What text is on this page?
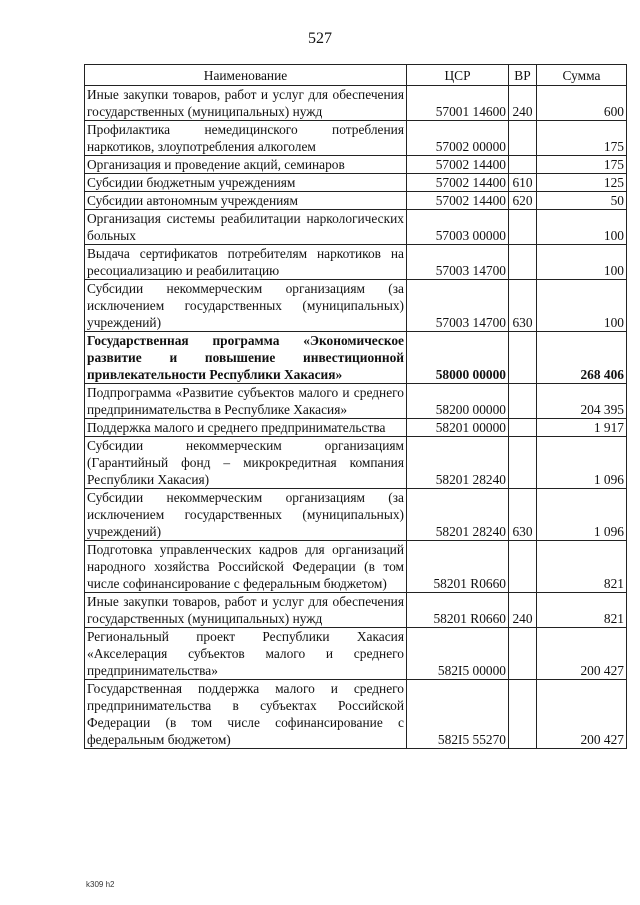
527
Наименование	ЦСР	ВР	Сумма
Иные закупки товаров, работ и услуг для обеспечения государственных (муниципальных) нужд	57001 14600	240	600
Профилактика немедицинского потребления наркотиков, злоупотребления алкоголем	57002 00000		175
Организация и проведение акций, семинаров	57002 14400		175
Субсидии бюджетным учреждениям	57002 14400	610	125
Субсидии автономным учреждениям	57002 14400	620	50
Организация системы реабилитации наркологических больных	57003 00000		100
Выдача сертификатов потребителям наркотиков на ресоциализацию и реабилитацию	57003 14700		100
Субсидии некоммерческим организациям (за исключением государственных (муниципальных) учреждений)	57003 14700	630	100
Государственная программа «Экономическое развитие и повышение инвестиционной привлекательности Республики Хакасия»	58000 00000		268 406
Подпрограмма «Развитие субъектов малого и среднего предпринимательства в Республике Хакасия»	58200 00000		204 395
Поддержка малого и среднего предпринимательства	58201 00000		1 917
Субсидии некоммерческим организациям (Гарантийный фонд – микрокредитная компания Республики Хакасия)	58201 28240		1 096
Субсидии некоммерческим организациям (за исключением государственных (муниципальных) учреждений)	58201 28240	630	1 096
Подготовка управленческих кадров для организаций народного хозяйства Российской Федерации (в том числе софинансирование с федеральным бюджетом)	58201 R0660		821
Иные закупки товаров, работ и услуг для обеспечения государственных (муниципальных) нужд	58201 R0660	240	821
Региональный проект Республики Хакасия «Акселерация субъектов малого и среднего предпринимательства»	582I5 00000		200 427
Государственная поддержка малого и среднего предпринимательства в субъектах Российской Федерации (в том числе софинансирование с федеральным бюджетом)	582I5 55270		200 427
k309 h2
